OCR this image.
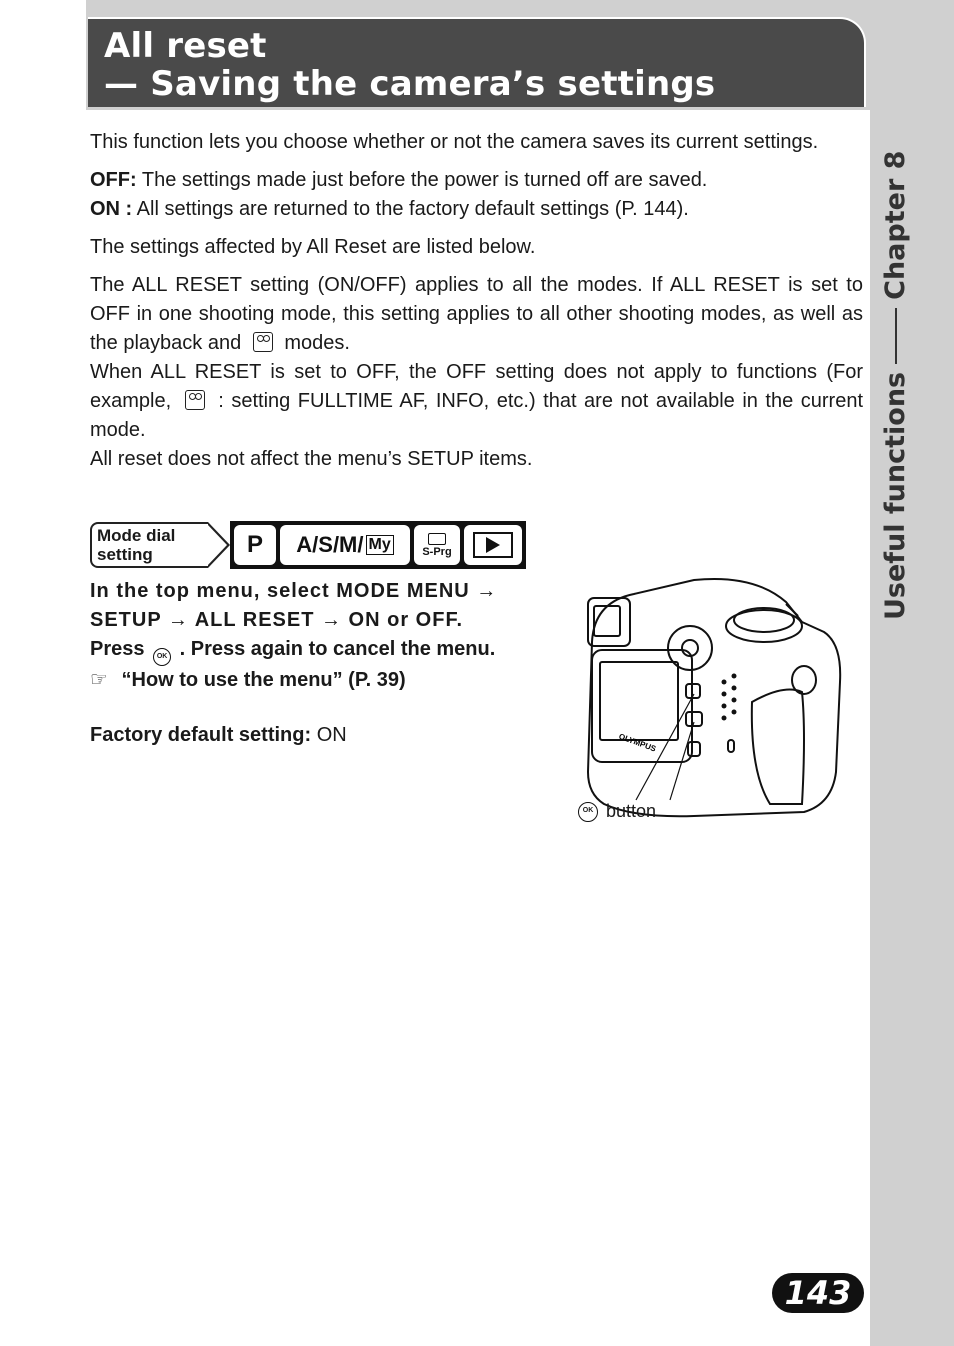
All reset
— Saving the camera’s settings
Useful functions
Chapter 8

This function lets you choose whether or not the camera saves its current settings.

OFF: The settings made just before the power is turned off are saved.
ON : All settings are returned to the factory default settings (P. 144).

The settings affected by All Reset are listed below.

The ALL RESET setting (ON/OFF) applies to all the modes. If ALL RESET is set to OFF in one shooting mode, this setting applies to all other shooting modes, as well as the playback and modes.

When ALL RESET is set to OFF, the OFF setting does not apply to functions (For example, : setting FULLTIME AF, INFO, etc.) that are not available in the current mode.

All reset does not affect the menu’s SETUP items.

Mode dial
setting	P	A/S/M/ My	S-Prg

In the top menu, select MODE MENU →

SETUP → ALL RESET → ON or OFF.

Press OK . Press again to cancel the menu.

☞ “How to use the menu” (P. 39)

Factory default setting: ON	OLYMPUS
OK button
143
